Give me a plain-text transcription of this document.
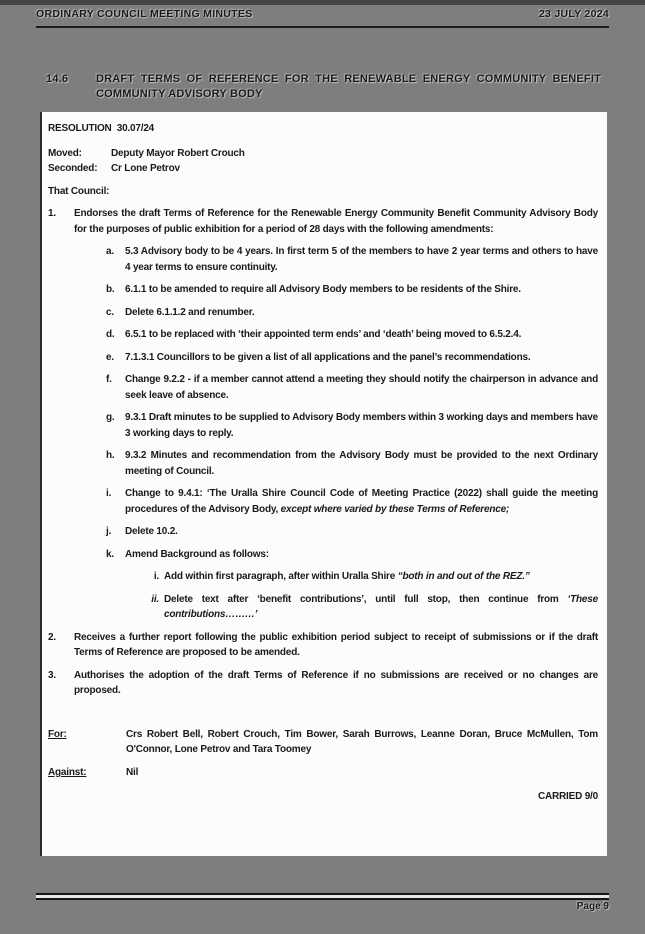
ORDINARY COUNCIL MEETING MINUTES	23 JULY 2024
14.6	DRAFT TERMS OF REFERENCE FOR THE RENEWABLE ENERGY COMMUNITY BENEFIT COMMUNITY ADVISORY BODY
RESOLUTION  30.07/24
Moved:	Deputy Mayor Robert Crouch
Seconded:	Cr Lone Petrov
That Council:
1.	Endorses the draft Terms of Reference for the Renewable Energy Community Benefit Community Advisory Body for the purposes of public exhibition for a period of 28 days with the following amendments:
a.	5.3 Advisory body to be 4 years. In first term 5 of the members to have 2 year terms and others to have 4 year terms to ensure continuity.
b.	6.1.1 to be amended to require all Advisory Body members to be residents of the Shire.
c.	Delete 6.1.1.2 and renumber.
d.	6.5.1 to be replaced with ‘their appointed term ends’ and ‘death’ being moved to 6.5.2.4.
e.	7.1.3.1 Councillors to be given a list of all applications and the panel’s recommendations.
f.	Change 9.2.2 - if a member cannot attend a meeting they should notify the chairperson in advance and seek leave of absence.
g.	9.3.1 Draft minutes to be supplied to Advisory Body members within 3 working days and members have 3 working days to reply.
h.	9.3.2 Minutes and recommendation from the Advisory Body must be provided to the next Ordinary meeting of Council.
i.	Change to 9.4.1: ‘The Uralla Shire Council Code of Meeting Practice (2022) shall guide the meeting procedures of the Advisory Body, except where varied by these Terms of Reference;
j.	Delete 10.2.
k.	Amend Background as follows:
i. Add within first paragraph, after within Uralla Shire “both in and out of the REZ.”
ii. Delete text after ‘benefit contributions’, until full stop, then continue from ‘These contributions………’
2.	Receives a further report following the public exhibition period subject to receipt of submissions or if the draft Terms of Reference are proposed to be amended.
3.	Authorises the adoption of the draft Terms of Reference if no submissions are received or no changes are proposed.
For:	Crs Robert Bell, Robert Crouch, Tim Bower, Sarah Burrows, Leanne Doran, Bruce McMullen, Tom O'Connor, Lone Petrov and Tara Toomey
Against:	Nil
CARRIED 9/0
Page 9
